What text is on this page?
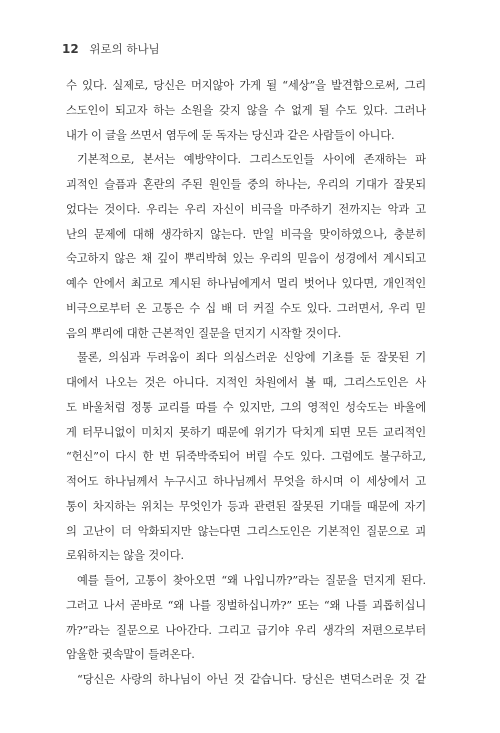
12 위로의 하나님
수 있다. 실제로, 당신은 머지않아 가게 될 “세상”을 발견함으로써, 그리
스도인이 되고자 하는 소원을 갖지 않을 수 없게 될 수도 있다. 그러나
내가 이 글을 쓰면서 염두에 둔 독자는 당신과 같은 사람들이 아니다.
기본적으로, 본서는 예방약이다. 그리스도인들 사이에 존재하는 파
괴적인 슬픔과 혼란의 주된 원인들 중의 하나는, 우리의 기대가 잘못되
었다는 것이다. 우리는 우리 자신이 비극을 마주하기 전까지는 악과 고
난의 문제에 대해 생각하지 않는다. 만일 비극을 맞이하였으나, 충분히
숙고하지 않은 채 깊이 뿌리박혀 있는 우리의 믿음이 성경에서 계시되고
예수 안에서 최고로 계시된 하나님에게서 멀리 벗어나 있다면, 개인적인
비극으로부터 온 고통은 수 십 배 더 커질 수도 있다. 그러면서, 우리 믿
음의 뿌리에 대한 근본적인 질문을 던지기 시작할 것이다.
물론, 의심과 두려움이 죄다 의심스러운 신앙에 기초를 둔 잘못된 기
대에서 나오는 것은 아니다. 지적인 차원에서 볼 때, 그리스도인은 사
도 바울처럼 정통 교리를 따를 수 있지만, 그의 영적인 성숙도는 바울에
게 터무니없이 미치지 못하기 때문에 위기가 닥치게 되면 모든 교리적인
“헌신”이 다시 한 번 뒤죽박죽되어 버릴 수도 있다. 그럼에도 불구하고,
적어도 하나님께서 누구시고 하나님께서 무엇을 하시며 이 세상에서 고
통이 차지하는 위치는 무엇인가 등과 관련된 잘못된 기대들 때문에 자기
의 고난이 더 악화되지만 않는다면 그리스도인은 기본적인 질문으로 괴
로워하지는 않을 것이다.
예를 들어, 고통이 찾아오면 “왜 나입니까?”라는 질문을 던지게 된다.
그러고 나서 곧바로 “왜 나를 징벌하십니까?” 또는 “왜 나를 괴롭히십니
까?”라는 질문으로 나아간다. 그리고 급기야 우리 생각의 저편으로부터
암울한 귓속말이 들려온다.
“당신은 사랑의 하나님이 아닌 것 같습니다. 당신은 변덕스러운 것 같
